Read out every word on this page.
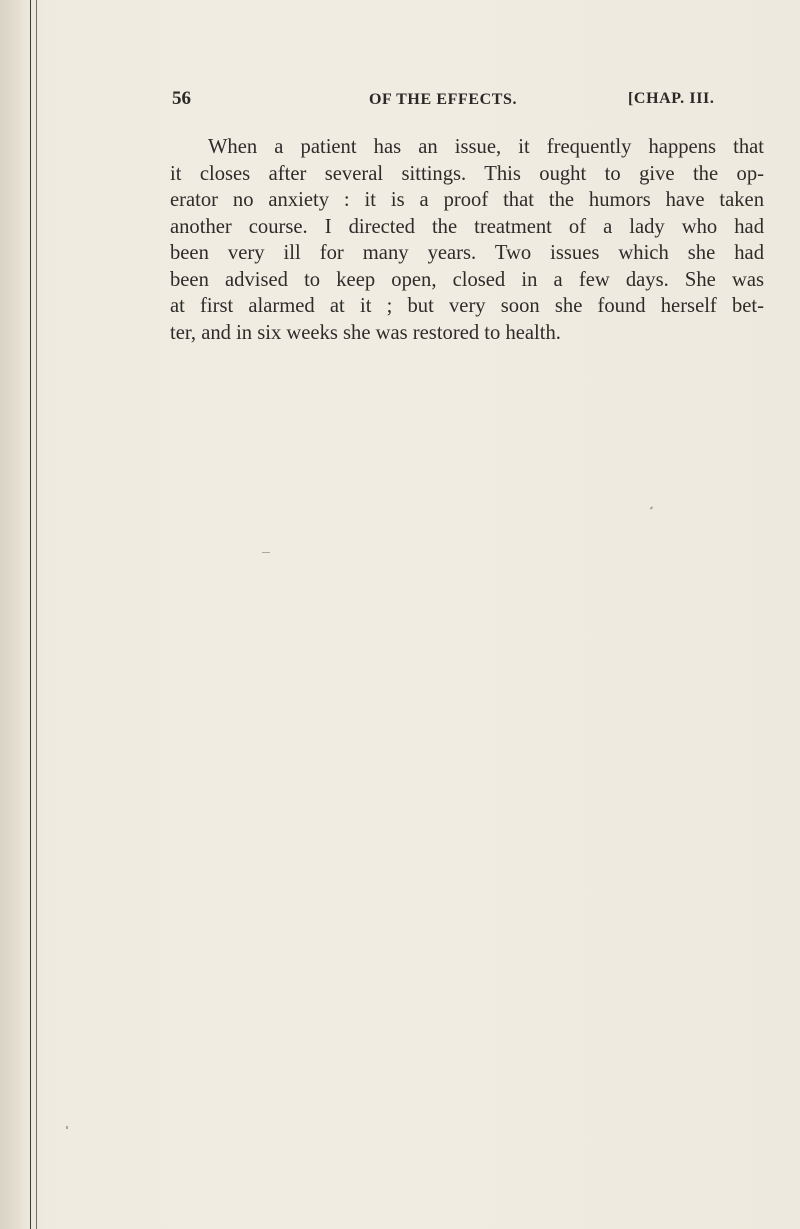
56	OF THE EFFECTS.	[CHAP. III.
When a patient has an issue, it frequently happens that
it closes after several sittings. This ought to give the op-
erator no anxiety : it is a proof that the humors have taken
another course. I directed the treatment of a lady who had
been very ill for many years. Two issues which she had
been advised to keep open, closed in a few days. She was
at first alarmed at it ; but very soon she found herself bet-
ter, and in six weeks she was restored to health.
